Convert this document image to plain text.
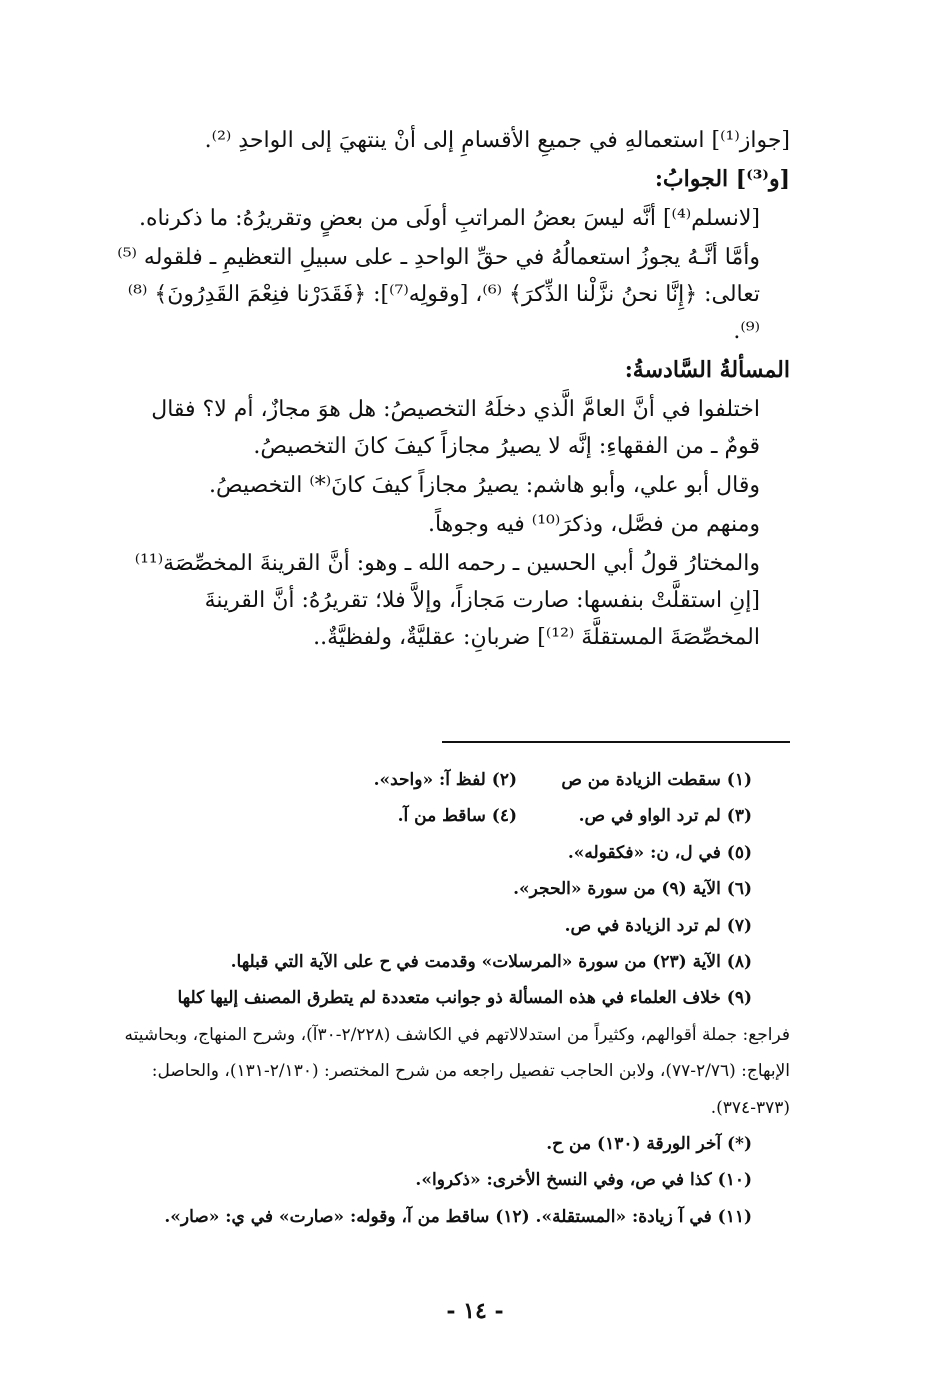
[جواز⁽¹⁾] استعمالهِ في جميعِ الأقسامِ إلى أنْ ينتهيَ إلى الواحدِ ⁽²⁾.

[و⁽³⁾] الجوابُ:

[لانسلم⁽⁴⁾] أنَّه ليسَ بعضُ المراتبِ أولَى من بعضٍ وتقريرُهُ: ما ذكرناه.

وأمَّا أنَّـهُ يجوزُ استعمالُهُ في حقِّ الواحدِ ـ على سبيلِ التعظيمِ ـ فلقوله ⁽⁵⁾ تعالى: ﴿إِنَّا نحنُ نزَّلْنا الذِّكرَ﴾ ⁽⁶⁾، [وقولِه⁽⁷⁾]: ﴿فَقَدَرْنا فنِعْمَ القَدِرُونَ﴾ ⁽⁸⁾⁽⁹⁾.

المسألةُ السَّادسةُ:

اختلفوا في أنَّ العامَّ الَّذي دخلَهُ التخصيصُ: هل هوَ مجازٌ، أم لا؟ فقال قومٌ ـ من الفقهاءِ: إنَّه لا يصيرُ مجازاً كيفَ كانَ التخصيصُ.

وقال أبو علي، وأبو هاشم: يصيرُ مجازاً كيفَ كانَ⁽*⁾ التخصيصُ.

ومنهم من فصَّل، وذكرَ⁽¹⁰⁾ فيه وجوهاً.

والمختارُ قولُ أبي الحسين ـ رحمه الله ـ وهو: أنَّ القرينةَ المخصِّصَة⁽¹¹⁾ [إنِ استقلَّتْ بنفسها: صارت مَجازاً، وإلاَّ فلا؛ تقريرُهُ: أنَّ القرينةَ المخصِّصَةَ المستقلَّةَ ⁽¹²⁾] ضربانِ: عقليَّةٌ، ولفظيَّةٌ..

(١) سقطت الزيادة من ص
(٢) لفظ آ: «واحد».
(٣) لم ترد الواو في ص.
(٤) ساقط من آ.

(٥) في ل، ن: «فكقوله».

(٦) الآية (٩) من سورة «الحجر».

(٧) لم ترد الزيادة في ص.

(٨) الآية (٢٣) من سورة «المرسلات» وقدمت في ح على الآية التي قبلها.

(٩) خلاف العلماء في هذه المسألة ذو جوانب متعددة لم يتطرق المصنف إليها كلها

فراجع: جملة أقوالهم، وكثيراً من استدلالاتهم في الكاشف (٢/٢٢٨-٣٠آ)، وشرح المنهاج، وبحاشيته الإبهاج: (٢/٧٦-٧٧)، ولابن الحاجب تفصيل راجعه من شرح المختصر: (٢/١٣٠-١٣١)، والحاصل: (٣٧٣-٣٧٤).

(*) آخر الورقة (١٣٠) من ح.

(١٠) كذا في ص، وفي النسخ الأخرى: «ذكروا».

(١١) في آ زيادة: «المستقلة». (١٢) ساقط من آ، وقوله: «صارت» في ي: «صار».

- ١٤ -
